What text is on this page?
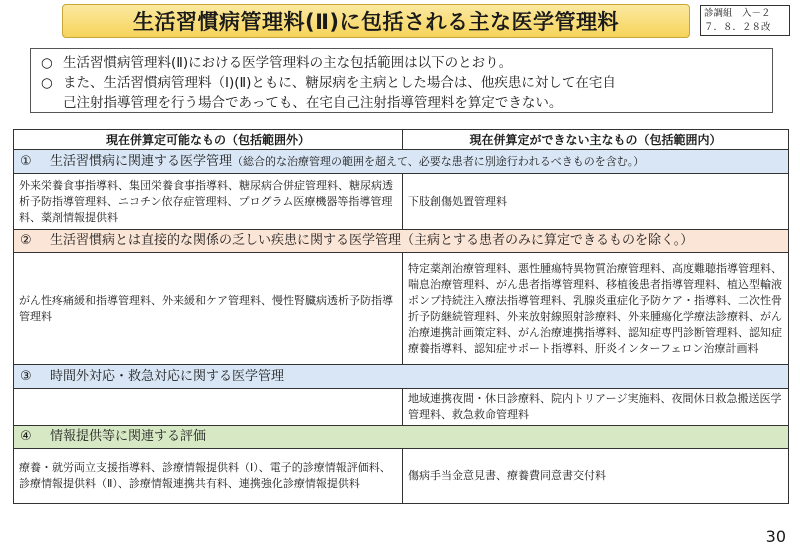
生活習慣病管理料(Ⅱ)に包括される主な医学管理料	診調組　入－２
７．８．２８改
○ 生活習慣病管理料(Ⅱ)における医学管理料の主な包括範囲は以下のとおり。
○ また、生活習慣病管理料（Ⅰ)(Ⅱ)ともに、糖尿病を主病とした場合は、他疾患に対して在宅自
己注射指導管理を行う場合であっても、在宅自己注射指導管理料を算定できない。
現在併算定可能なもの（包括範囲外）	現在併算定ができない主なもの（包括範囲内）
① 生活習慣病に関連する医学管理（総合的な治療管理の範囲を超えて、必要な患者に別途行われるべきものを含む。）	
外来栄養食事指導料、集団栄養食事指導料、糖尿病合併症管理料、糖尿病透析予防指導管理料、ニコチン依存症管理料、プログラム医療機器等指導管理料、薬剤情報提供料	下肢創傷処置管理料
② 生活習慣病とは直接的な関係の乏しい疾患に関する医学管理（主病とする患者のみに算定できるものを除く。）	
がん性疼痛緩和指導管理料、外来緩和ケア管理料、慢性腎臓病透析予防指導管理料	特定薬剤治療管理料、悪性腫瘍特異物質治療管理料、高度難聴指導管理料、喘息治療管理料、がん患者指導管理料、移植後患者指導管理料、植込型輸液ポンプ持続注入療法指導管理料、乳腺炎重症化予防ケア・指導料、二次性骨折予防継続管理料、外来放射線照射診療料、外来腫瘍化学療法診療料、がん治療連携計画策定料、がん治療連携指導料、認知症専門診断管理料、認知症療養指導料、認知症サポート指導料、肝炎インターフェロン治療計画料
③ 時間外対応・救急対応に関する医学管理	
	地域連携夜間・休日診療料、院内トリアージ実施料、夜間休日救急搬送医学管理料、救急救命管理料
④ 情報提供等に関連する評価	
療養・就労両立支援指導料、診療情報提供料（Ⅰ）、電子的診療情報評価料、診療情報提供料（Ⅱ）、診療情報連携共有料、連携強化診療情報提供料	傷病手当金意見書、療養費同意書交付料
30
